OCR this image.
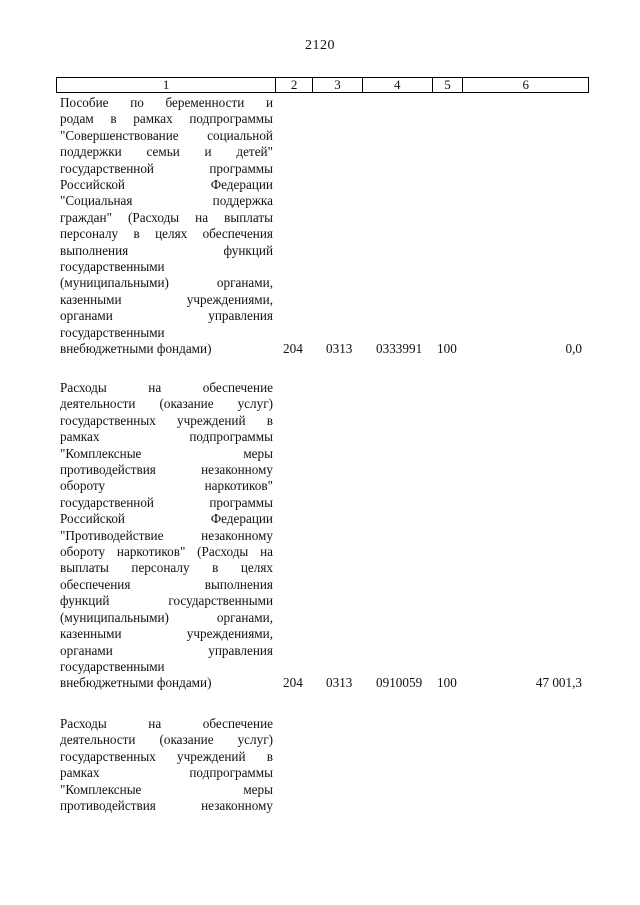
2120
1	2	3	4	5	6
Пособие по беременности и
родам в рамках подпрограммы
"Совершенствование социальной
поддержки семьи и детей"
государственной программы
Российской Федерации
"Социальная поддержка
граждан" (Расходы на выплаты
персоналу в целях обеспечения
выполнения функций
государственными
(муниципальными) органами,
казенными учреждениями,
органами управления
государственными
внебюджетными фондами)	204 0313 0333991 100	0,0
Расходы на обеспечение
деятельности (оказание услуг)
государственных учреждений в
рамках подпрограммы
"Комплексные меры
противодействия незаконному
обороту наркотиков"
государственной программы
Российской Федерации
"Противодействие незаконному
обороту наркотиков" (Расходы на
выплаты персоналу в целях
обеспечения выполнения
функций государственными
(муниципальными) органами,
казенными учреждениями,
органами управления
государственными
внебюджетными фондами)	204 0313 0910059 100	47 001,3
Расходы на обеспечение
деятельности (оказание услуг)
государственных учреждений в
рамках подпрограммы
"Комплексные меры
противодействия незаконному
